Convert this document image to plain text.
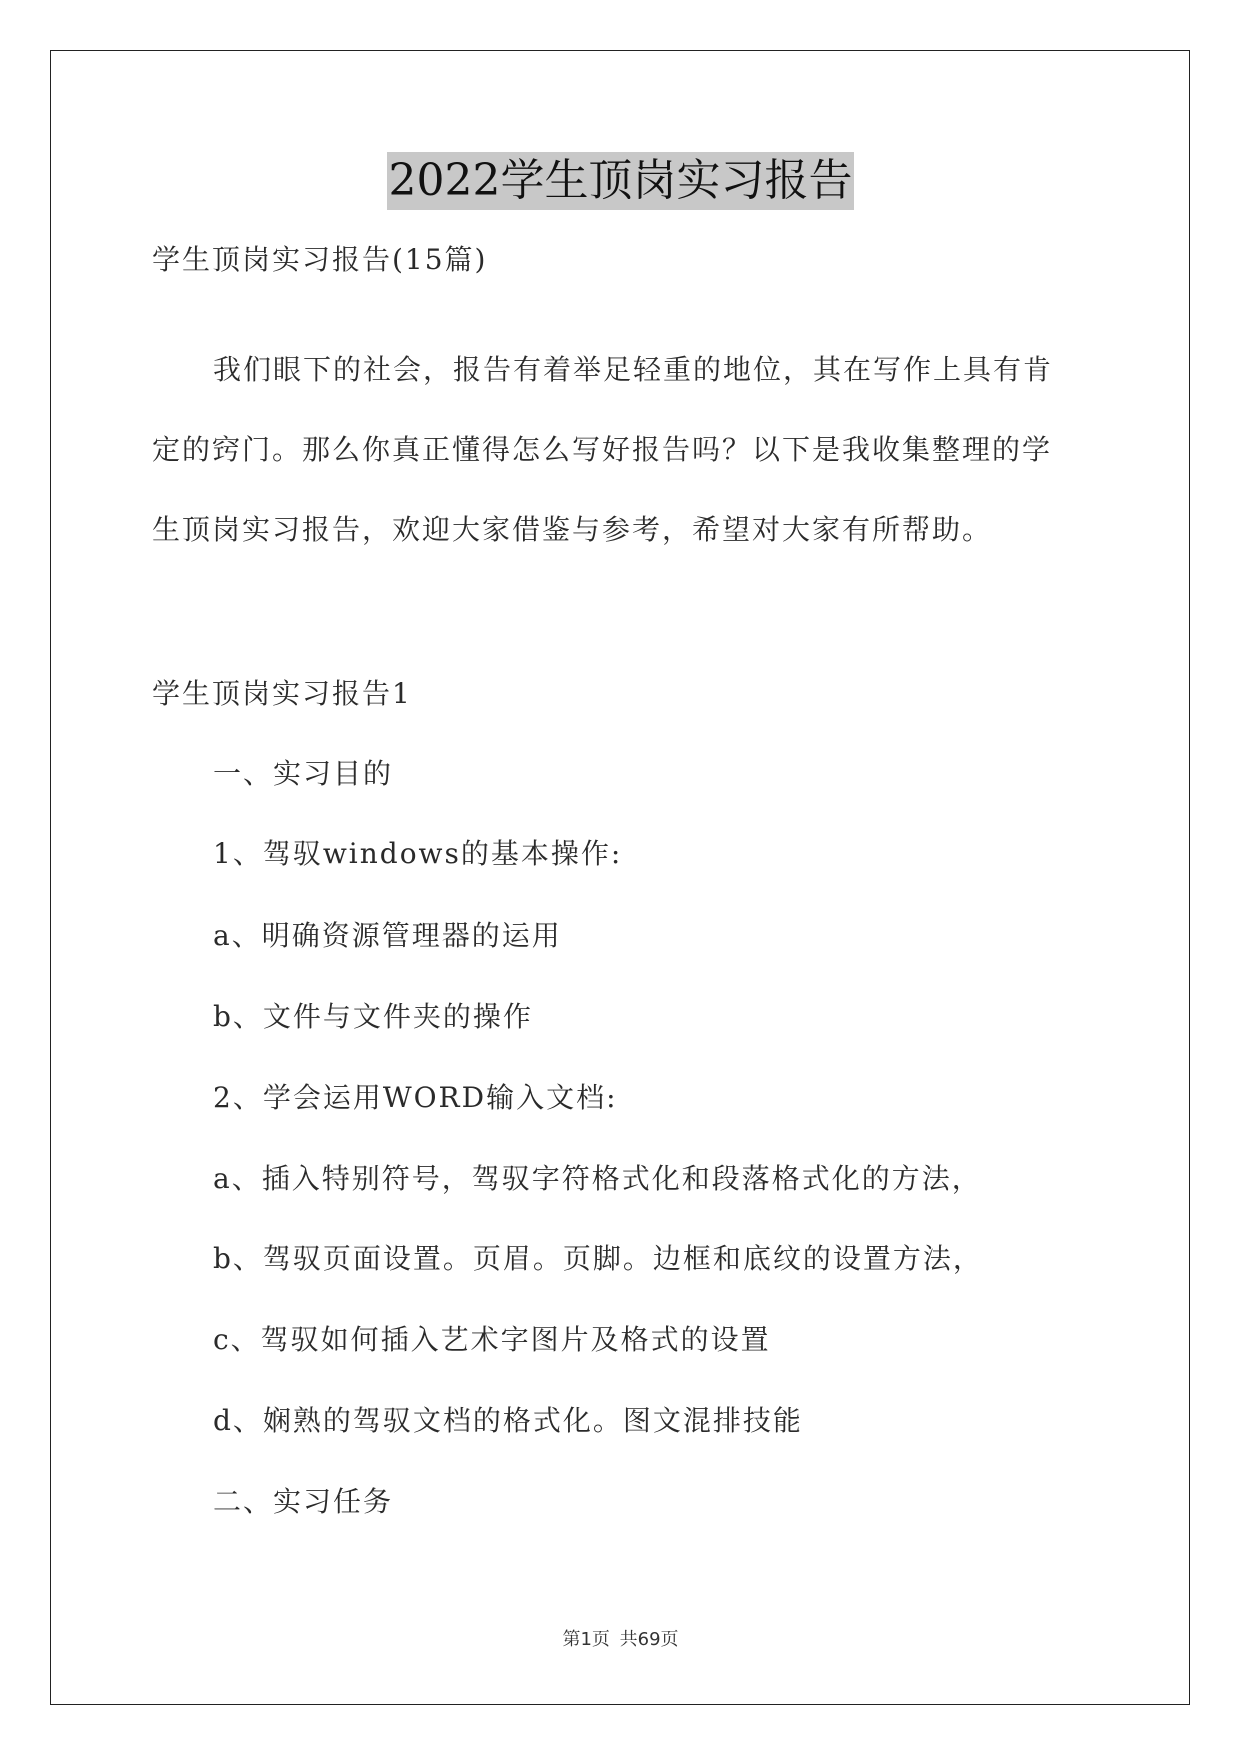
2022学生顶岗实习报告
学生顶岗实习报告(15篇)
我们眼下的社会，报告有着举足轻重的地位，其在写作上具有肯
定的窍门。那么你真正懂得怎么写好报告吗？以下是我收集整理的学
生顶岗实习报告，欢迎大家借鉴与参考，希望对大家有所帮助。
学生顶岗实习报告1
一、实习目的
1、驾驭windows的基本操作:
a、明确资源管理器的运用
b、文件与文件夹的操作
2、学会运用WORD输入文档:
a、插入特别符号，驾驭字符格式化和段落格式化的方法，
b、驾驭页面设置。页眉。页脚。边框和底纹的设置方法，
c、驾驭如何插入艺术字图片及格式的设置
d、娴熟的驾驭文档的格式化。图文混排技能
二、实习任务
第1页 共69页
